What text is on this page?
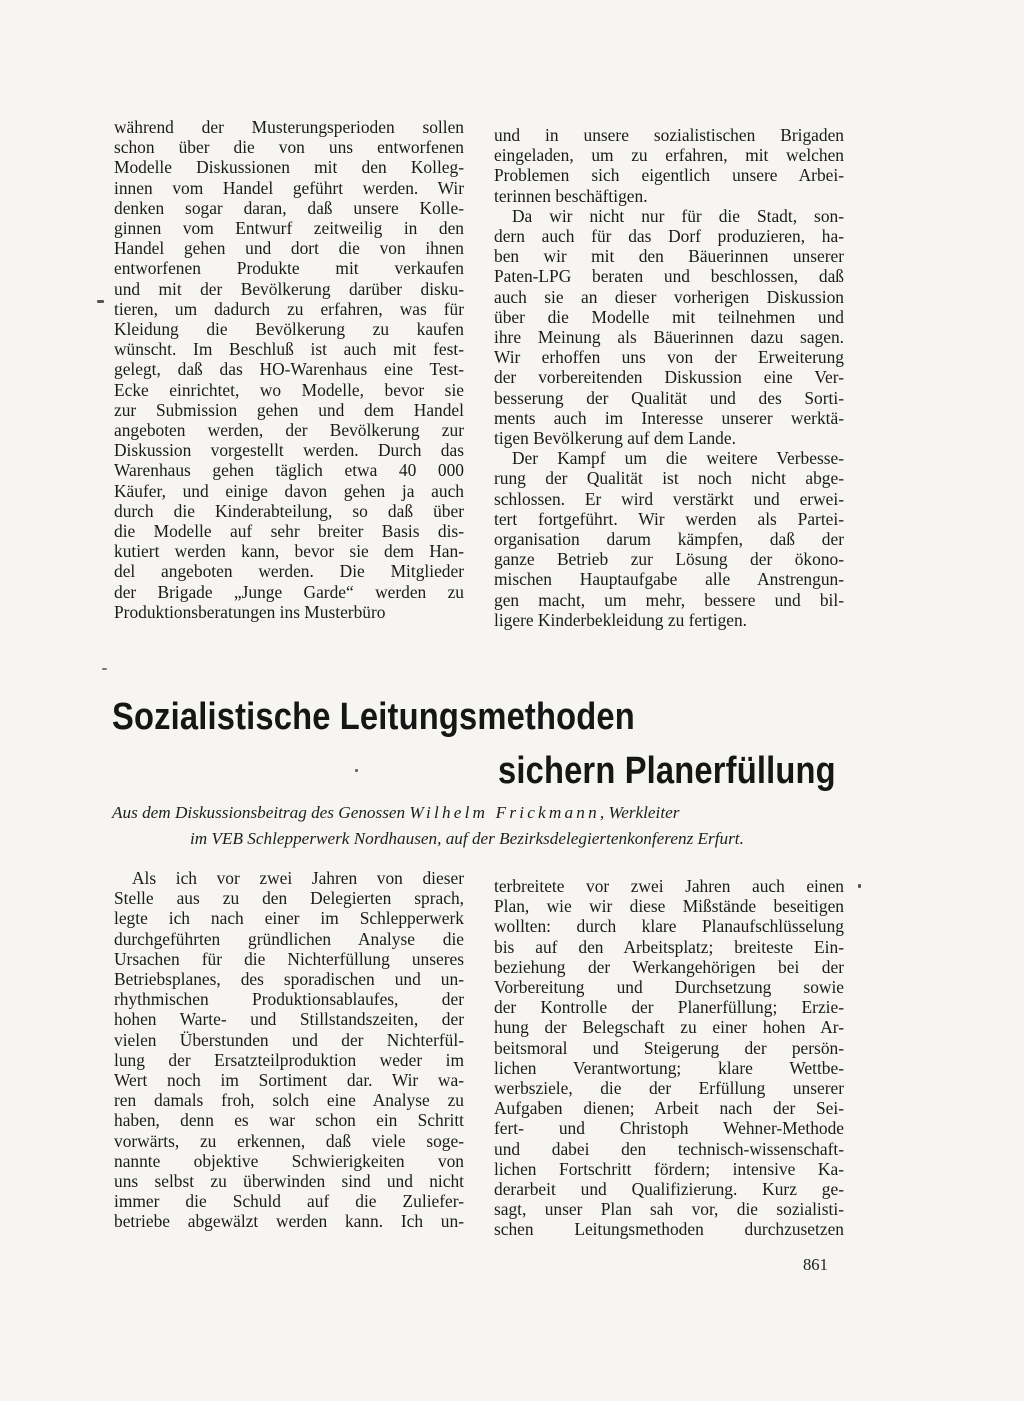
während der Musterungsperioden sollen
schon über die von uns entworfenen
Modelle Diskussionen mit den Kolleg-
innen vom Handel geführt werden. Wir
denken sogar daran, daß unsere Kolle-
ginnen vom Entwurf zeitweilig in den
Handel gehen und dort die von ihnen
entworfenen Produkte mit verkaufen
und mit der Bevölkerung darüber disku-
tieren, um dadurch zu erfahren, was für
Kleidung die Bevölkerung zu kaufen
wünscht. Im Beschluß ist auch mit fest-
gelegt, daß das HO-Warenhaus eine Test-
Ecke einrichtet, wo Modelle, bevor sie
zur Submission gehen und dem Handel
angeboten werden, der Bevölkerung zur
Diskussion vorgestellt werden. Durch das
Warenhaus gehen täglich etwa 40 000
Käufer, und einige davon gehen ja auch
durch die Kinderabteilung, so daß über
die Modelle auf sehr breiter Basis dis-
kutiert werden kann, bevor sie dem Han-
del angeboten werden. Die Mitglieder
der Brigade „Junge Garde“ werden zu
Produktionsberatungen ins Musterbüro
und in unsere sozialistischen Brigaden
eingeladen, um zu erfahren, mit welchen
Problemen sich eigentlich unsere Arbei-
terinnen beschäftigen.
Da wir nicht nur für die Stadt, son-
dern auch für das Dorf produzieren, ha-
ben wir mit den Bäuerinnen unserer
Paten-LPG beraten und beschlossen, daß
auch sie an dieser vorherigen Diskussion
über die Modelle mit teilnehmen und
ihre Meinung als Bäuerinnen dazu sagen.
Wir erhoffen uns von der Erweiterung
der vorbereitenden Diskussion eine Ver-
besserung der Qualität und des Sorti-
ments auch im Interesse unserer werktä-
tigen Bevölkerung auf dem Lande.
Der Kampf um die weitere Verbesse-
rung der Qualität ist noch nicht abge-
schlossen. Er wird verstärkt und erwei-
tert fortgeführt. Wir werden als Partei-
organisation darum kämpfen, daß der
ganze Betrieb zur Lösung der ökono-
mischen Hauptaufgabe alle Anstrengun-
gen macht, um mehr, bessere und bil-
ligere Kinderbekleidung zu fertigen.
Sozialistische Leitungsmethoden
sichern Planerfüllung
Aus dem Diskussionsbeitrag des Genossen Wilhelm Frickmann, Werkleiter
im VEB Schlepperwerk Nordhausen, auf der Bezirksdelegiertenkonferenz Erfurt.
Als ich vor zwei Jahren von dieser
Stelle aus zu den Delegierten sprach,
legte ich nach einer im Schlepperwerk
durchgeführten gründlichen Analyse die
Ursachen für die Nichterfüllung unseres
Betriebsplanes, des sporadischen und un-
rhythmischen Produktionsablaufes, der
hohen Warte- und Stillstandszeiten, der
vielen Überstunden und der Nichterfül-
lung der Ersatzteilproduktion weder im
Wert noch im Sortiment dar. Wir wa-
ren damals froh, solch eine Analyse zu
haben, denn es war schon ein Schritt
vorwärts, zu erkennen, daß viele soge-
nannte objektive Schwierigkeiten von
uns selbst zu überwinden sind und nicht
immer die Schuld auf die Zuliefer-
betriebe abgewälzt werden kann. Ich un-
terbreitete vor zwei Jahren auch einen
Plan, wie wir diese Mißstände beseitigen
wollten: durch klare Planaufschlüsselung
bis auf den Arbeitsplatz; breiteste Ein-
beziehung der Werkangehörigen bei der
Vorbereitung und Durchsetzung sowie
der Kontrolle der Planerfüllung; Erzie-
hung der Belegschaft zu einer hohen Ar-
beitsmoral und Steigerung der persön-
lichen Verantwortung; klare Wettbe-
werbsziele, die der Erfüllung unserer
Aufgaben dienen; Arbeit nach der Sei-
fert- und Christoph Wehner-Methode
und dabei den technisch-wissenschaft-
lichen Fortschritt fördern; intensive Ka-
derarbeit und Qualifizierung. Kurz ge-
sagt, unser Plan sah vor, die sozialisti-
schen Leitungsmethoden durchzusetzen
861
